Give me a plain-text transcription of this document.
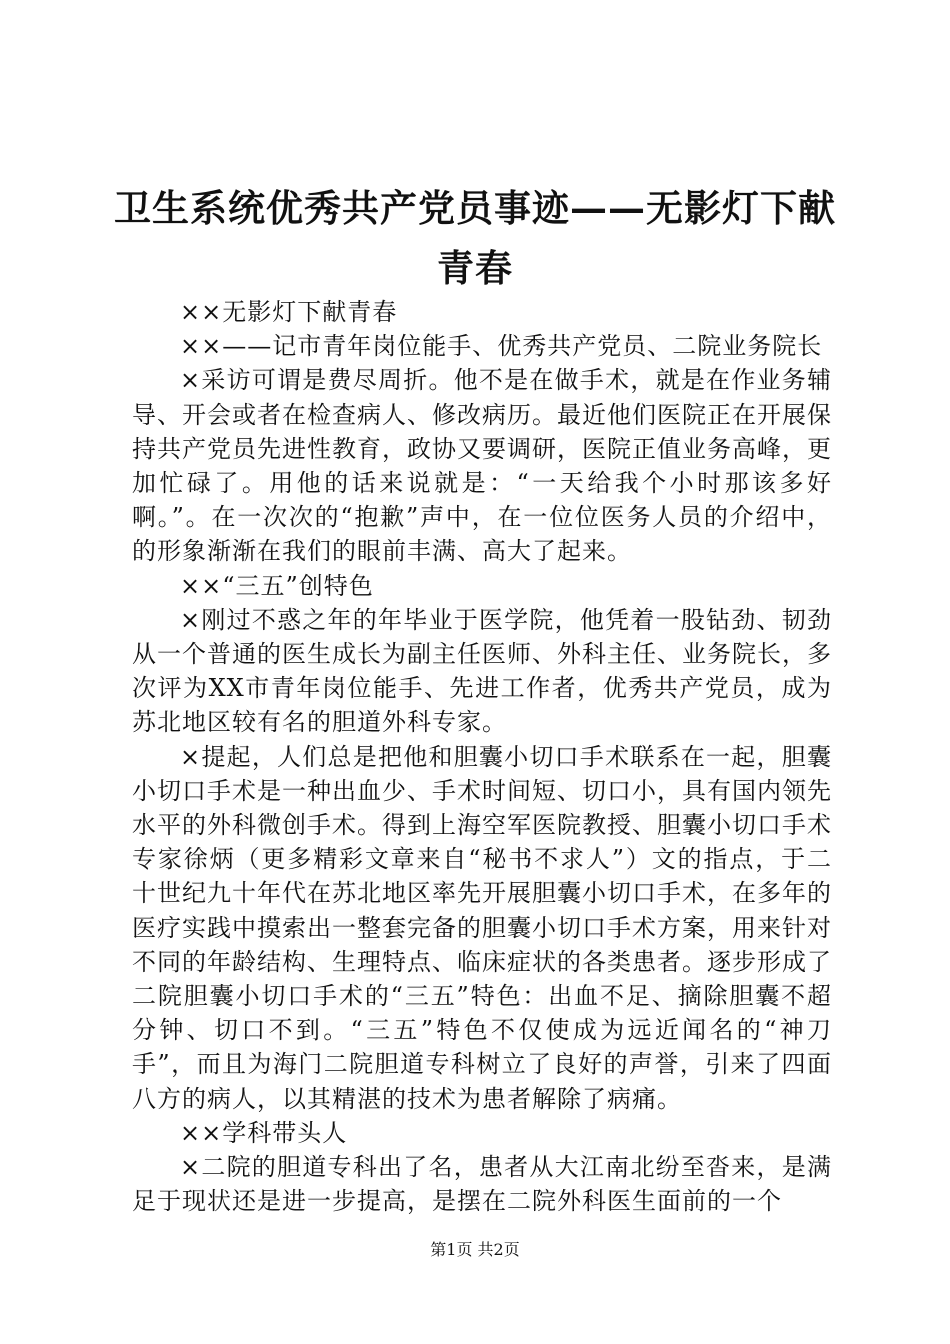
卫生系统优秀共产党员事迹——无影灯下献青春

××无影灯下献青春

××——记市青年岗位能手、优秀共产党员、二院业务院长

×采访可谓是费尽周折。他不是在做手术，就是在作业务辅导、开会或者在检查病人、修改病历。最近他们医院正在开展保持共产党员先进性教育，政协又要调研，医院正值业务高峰，更加忙碌了。用他的话来说就是：“一天给我个小时那该多好啊。”。在一次次的“抱歉”声中，在一位位医务人员的介绍中，的形象渐渐在我们的眼前丰满、高大了起来。

××“三五”创特色

×刚过不惑之年的年毕业于医学院，他凭着一股钻劲、韧劲从一个普通的医生成长为副主任医师、外科主任、业务院长，多次评为XX市青年岗位能手、先进工作者，优秀共产党员，成为苏北地区较有名的胆道外科专家。

×提起，人们总是把他和胆囊小切口手术联系在一起，胆囊小切口手术是一种出血少、手术时间短、切口小，具有国内领先水平的外科微创手术。得到上海空军医院教授、胆囊小切口手术专家徐炳（更多精彩文章来自“秘书不求人”）文的指点，于二十世纪九十年代在苏北地区率先开展胆囊小切口手术，在多年的医疗实践中摸索出一整套完备的胆囊小切口手术方案，用来针对不同的年龄结构、生理特点、临床症状的各类患者。逐步形成了二院胆囊小切口手术的“三五”特色：出血不足、摘除胆囊不超分钟、切口不到。“三五”特色不仅使成为远近闻名的“神刀手”，而且为海门二院胆道专科树立了良好的声誉，引来了四面八方的病人，以其精湛的技术为患者解除了病痛。

××学科带头人

×二院的胆道专科出了名，患者从大江南北纷至沓来，是满足于现状还是进一步提高，是摆在二院外科医生面前的一个

第1页 共2页
